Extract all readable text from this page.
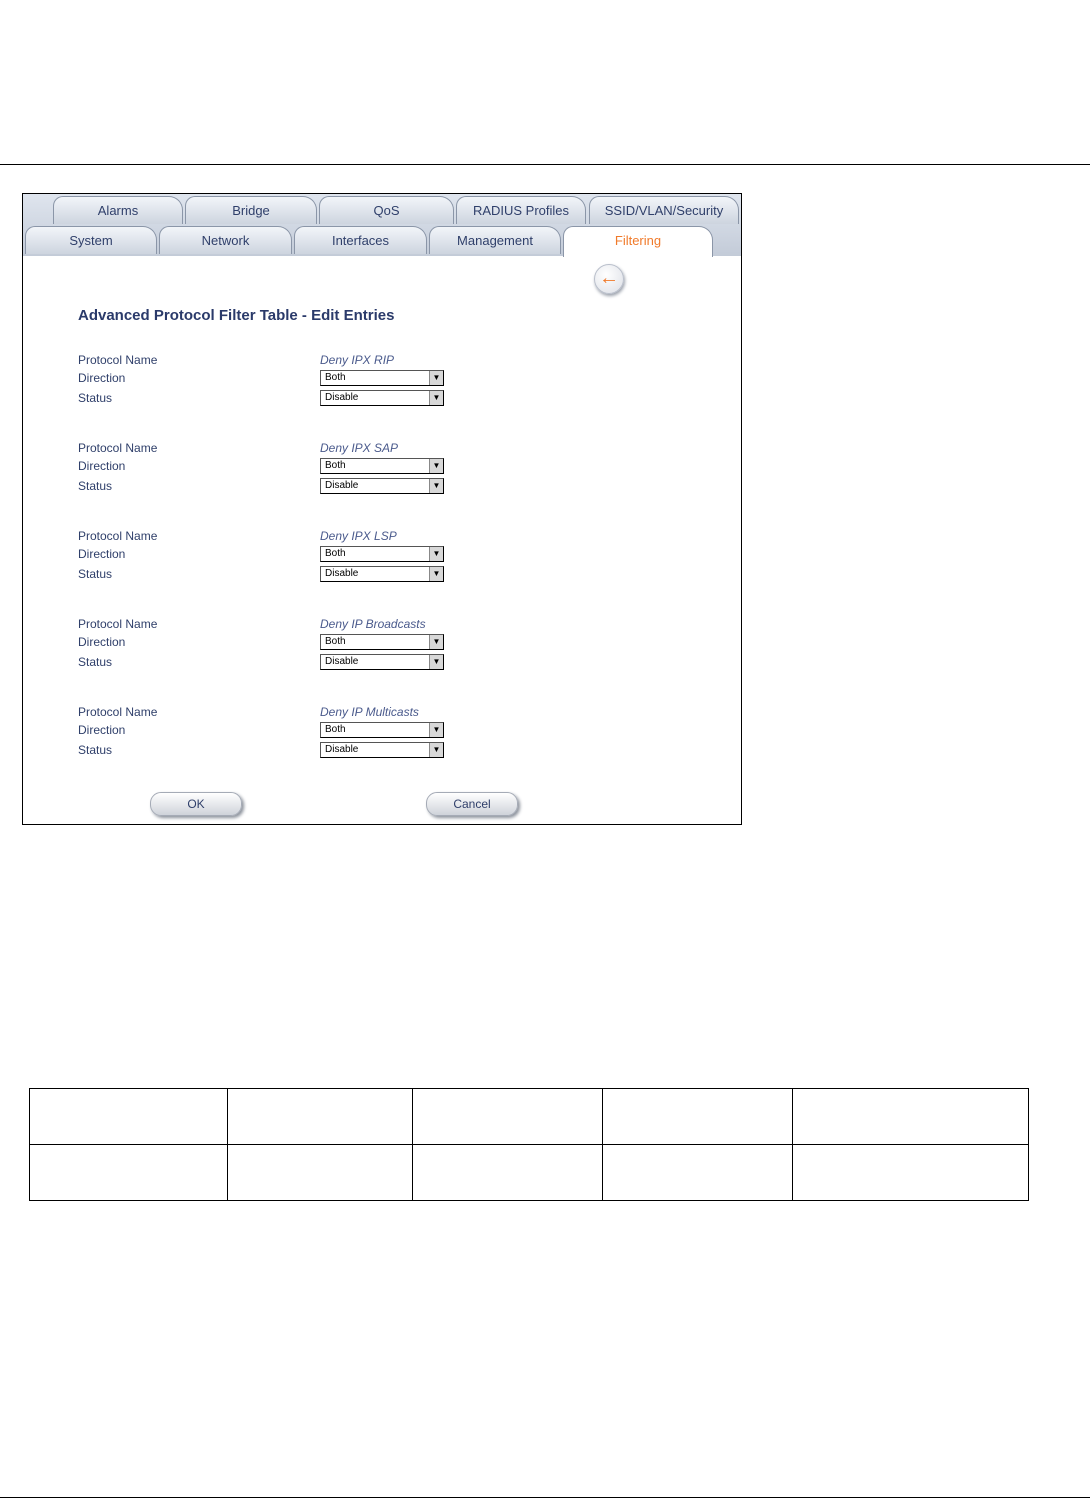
Alarms	Bridge	QoS	RADIUS Profiles	SSID/VLAN/Security
System	Network	Interfaces	Management	Filtering
←
Advanced Protocol Filter Table - Edit Entries
Protocol Name	Deny IPX RIP
Direction	Both	▼
Status	Disable	▼
Protocol Name	Deny IPX SAP
Direction	Both	▼
Status	Disable	▼
Protocol Name	Deny IPX LSP
Direction	Both	▼
Status	Disable	▼
Protocol Name	Deny IP Broadcasts
Direction	Both	▼
Status	Disable	▼
Protocol Name	Deny IP Multicasts
Direction	Both	▼
Status	Disable	▼
OK	Cancel
